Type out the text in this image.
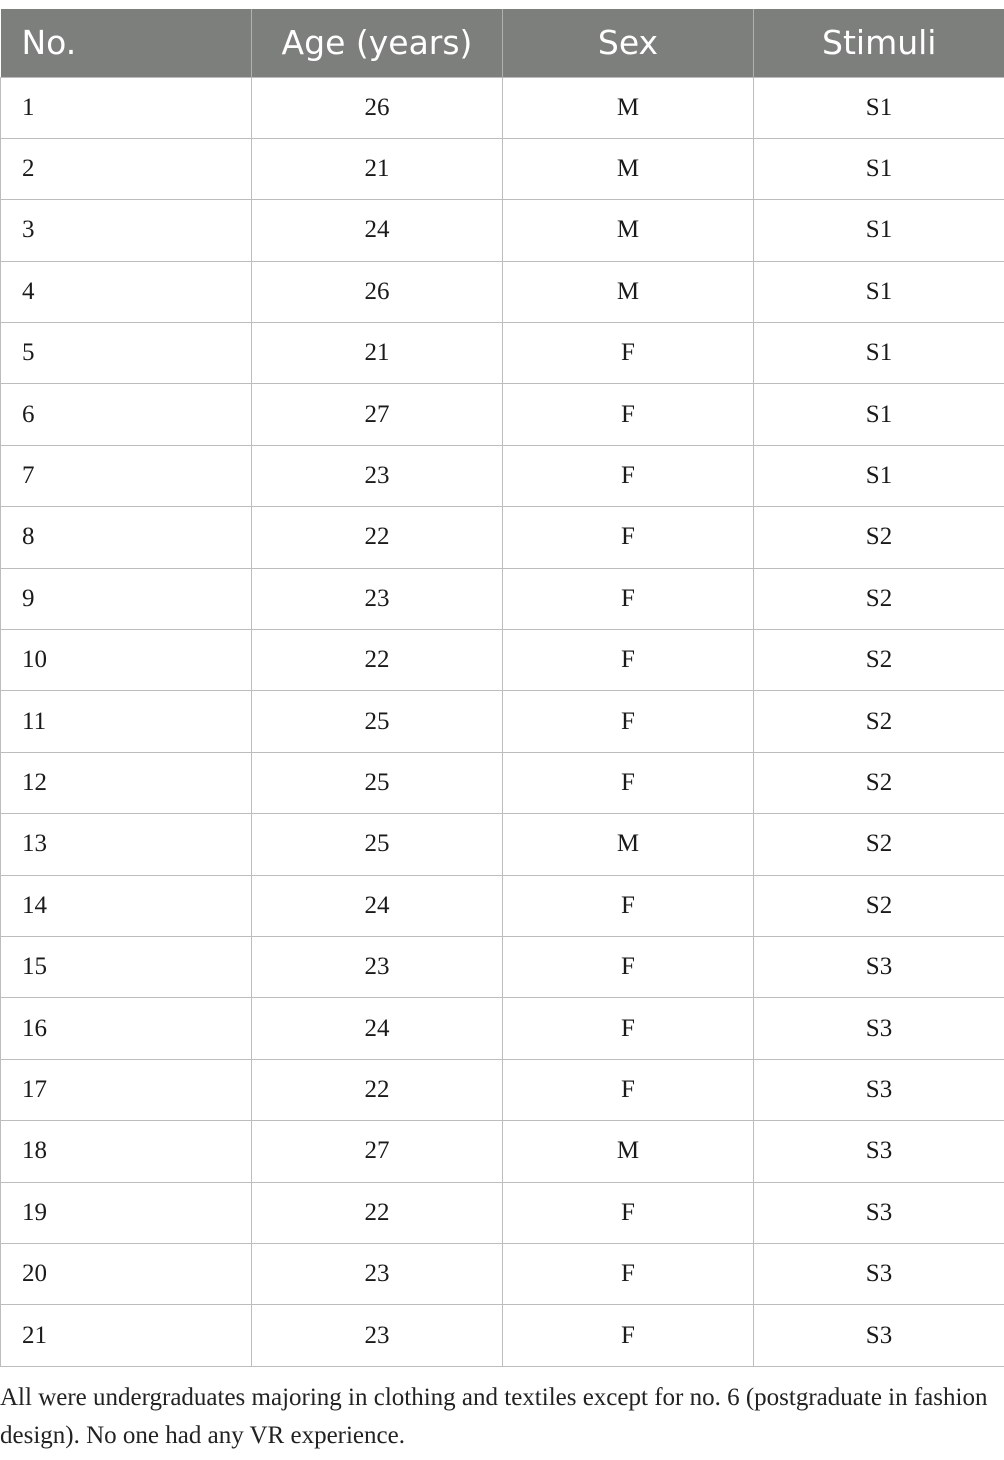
No.	Age (years)	Sex	Stimuli
1	26	M	S1
2	21	M	S1
3	24	M	S1
4	26	M	S1
5	21	F	S1
6	27	F	S1
7	23	F	S1
8	22	F	S2
9	23	F	S2
10	22	F	S2
11	25	F	S2
12	25	F	S2
13	25	M	S2
14	24	F	S2
15	23	F	S3
16	24	F	S3
17	22	F	S3
18	27	M	S3
19	22	F	S3
20	23	F	S3
21	23	F	S3

All were undergraduates majoring in clothing and textiles except for no. 6 (postgraduate in fashion design). No one had any VR experience.
